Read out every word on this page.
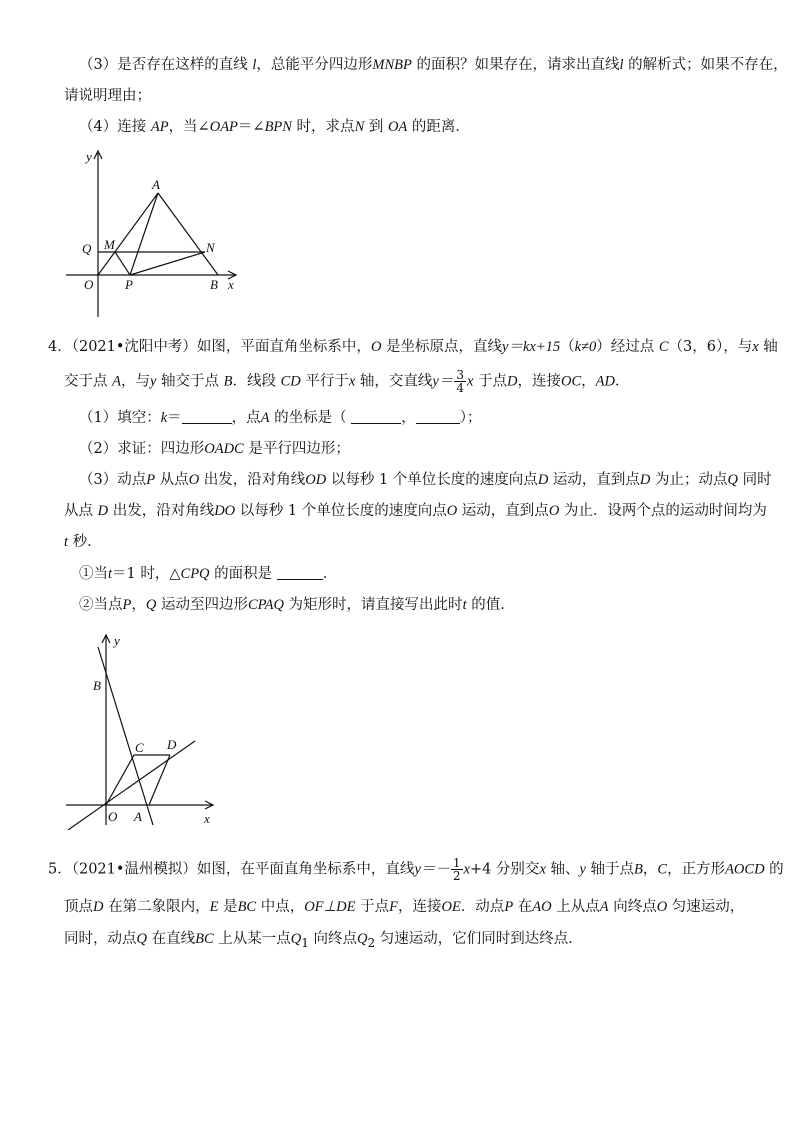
（3）是否存在这样的直线 l，总能平分四边形MNBP 的面积？如果存在，请求出直线l 的解析式；如果不存在，
请说明理由；
（4）连接 AP，当∠OAP＝∠BPN 时，求点N 到 OA 的距离．
y
x
A
Q M	N
O P	B
4．（2021•沈阳中考）如图，平面直角坐标系中，O 是坐标原点，直线y＝kx+15（k≠0）经过点 C（3，6），与x 轴
交于点 A，与y 轴交于点 B．线段 CD 平行于x 轴，交直线$y= \frac{3}{4}$ x 于点D，连接OC，AD．
（1）填空：k＝	，点A 的坐标是（	，	）；
（2）求证：四边形OADC 是平行四边形；
（3）动点P 从点O 出发，沿对角线OD 以每秒 1 个单位长度的速度向点D 运动，直到点D 为止；动点Q 同时
从点 D 出发，沿对角线DO 以每秒 1 个单位长度的速度向点O 运动，直到点O 为止．设两个点的运动时间均为
t 秒．
①当t＝1 时，△CPQ 的面积是	．
②当点P，Q 运动至四边形CPAQ 为矩形时，请直接写出此时t 的值．
y
x
B
C D
O A
5．（2021•温州模拟）如图，在平面直角坐标系中，直线$y=- \frac{1}{2} x+4$ 分别交x 轴、y 轴于点B，C，正方形AOCD 的
顶点D 在第二象限内，E 是BC 中点，OF⊥DE 于点F，连接OE．动点P 在AO 上从点A 向终点O 匀速运动，
同时，动点Q 在直线BC 上从某一点$Q_1$ 向终点$Q_2$ 匀速运动，它们同时到达终点．
